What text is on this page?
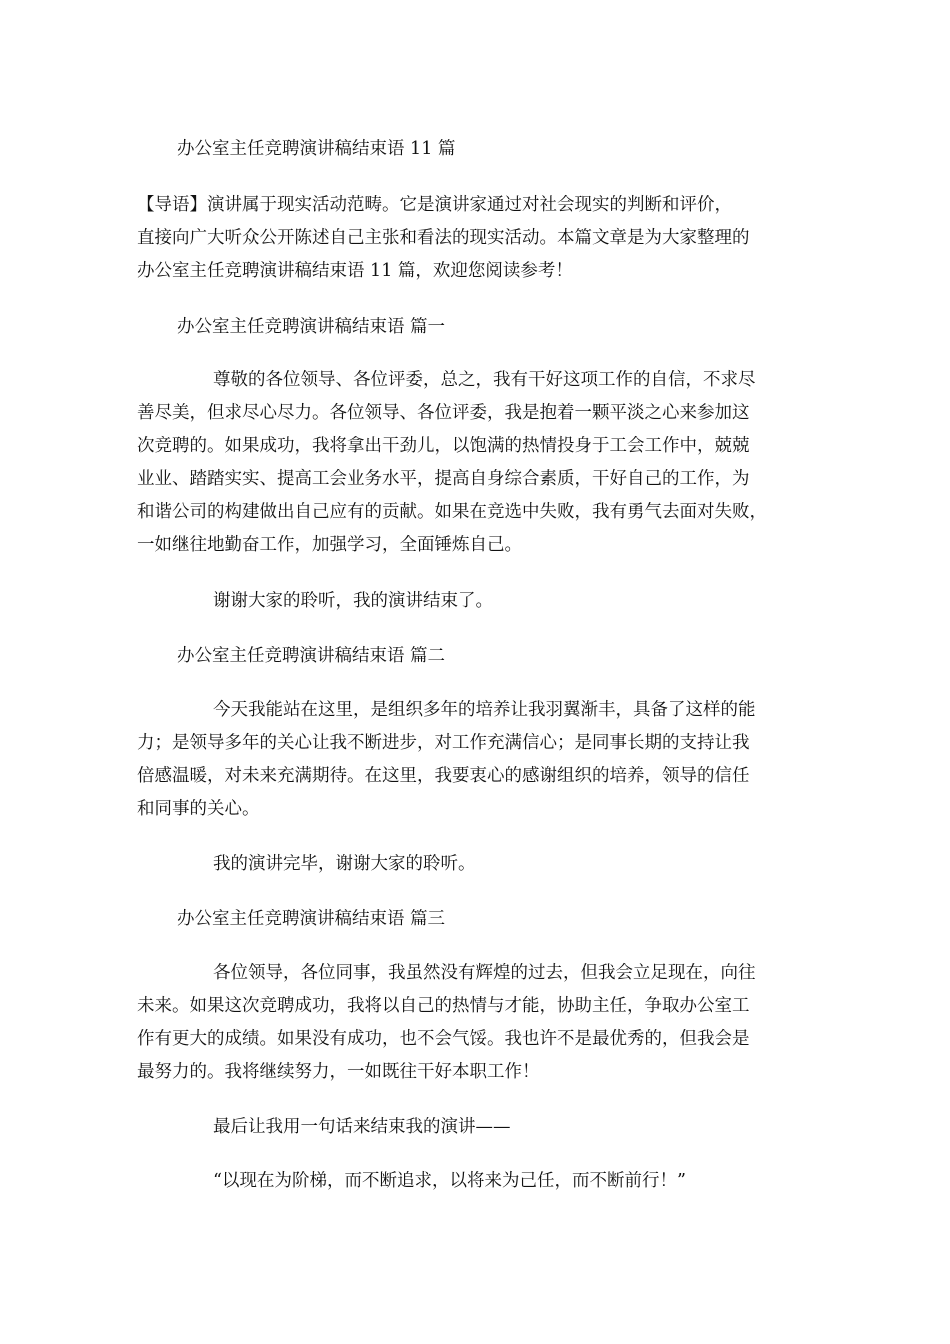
办公室主任竞聘演讲稿结束语 11 篇
【导语】演讲属于现实活动范畴。它是演讲家通过对社会现实的判断和评价，
直接向广大听众公开陈述自己主张和看法的现实活动。本篇文章是为大家整理的
办公室主任竞聘演讲稿结束语 11 篇，欢迎您阅读参考！
办公室主任竞聘演讲稿结束语 篇一
尊敬的各位领导、各位评委，总之，我有干好这项工作的自信，不求尽
善尽美，但求尽心尽力。各位领导、各位评委，我是抱着一颗平淡之心来参加这
次竞聘的。如果成功，我将拿出干劲儿，以饱满的热情投身于工会工作中，兢兢
业业、踏踏实实、提高工会业务水平，提高自身综合素质，干好自己的工作，为
和谐公司的构建做出自己应有的贡献。如果在竞选中失败，我有勇气去面对失败，
一如继往地勤奋工作，加强学习，全面锤炼自己。
谢谢大家的聆听，我的演讲结束了。
办公室主任竞聘演讲稿结束语 篇二
今天我能站在这里，是组织多年的培养让我羽翼渐丰，具备了这样的能
力；是领导多年的关心让我不断进步，对工作充满信心；是同事长期的支持让我
倍感温暖，对未来充满期待。在这里，我要衷心的感谢组织的培养，领导的信任
和同事的关心。
我的演讲完毕，谢谢大家的聆听。
办公室主任竞聘演讲稿结束语 篇三
各位领导，各位同事，我虽然没有辉煌的过去，但我会立足现在，向往
未来。如果这次竞聘成功，我将以自己的热情与才能，协助主任，争取办公室工
作有更大的成绩。如果没有成功，也不会气馁。我也许不是最优秀的，但我会是
最努力的。我将继续努力，一如既往干好本职工作！
最后让我用一句话来结束我的演讲——
“以现在为阶梯，而不断追求，以将来为己任，而不断前行！”
